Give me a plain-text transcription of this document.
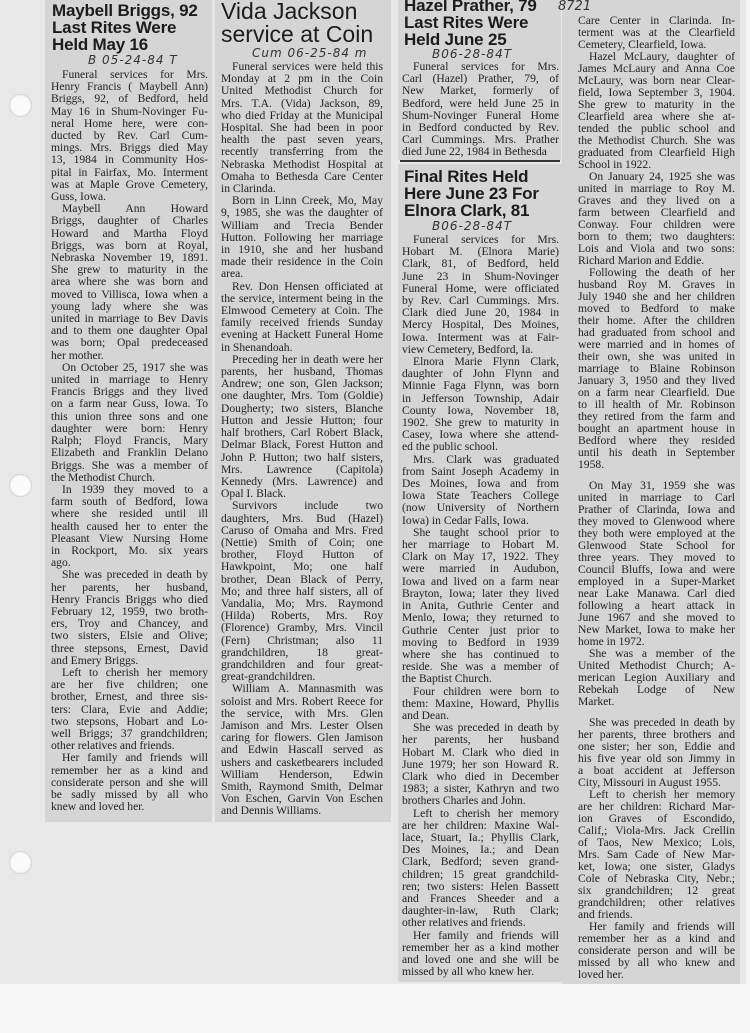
Maybell Briggs, 92
Last Rites Were
Held May 16
B 05-24-84 T
Funeral services for Mrs.
Henry Francis ( Maybell Ann)
Briggs, 92, of Bedford, held
May 16 in Shum-Novinger Fu-
neral Home here, were con-
ducted by Rev. Carl Cum-
mings. Mrs. Briggs died May
13, 1984 in Community Hos-
pital in Fairfax, Mo. Interment
was at Maple Grove Cemetery,
Guss, Iowa.
Maybell Ann Howard
Briggs, daughter of Charles
Howard and Martha Floyd
Briggs, was born at Royal,
Nebraska November 19, 1891.
She grew to maturity in the
area where she was born and
moved to Villisca, Iowa when a
young lady where she was
united in marriage to Bev Davis
and to them one daughter Opal
was born; Opal predeceased
her mother.
On October 25, 1917 she was
united in marriage to Henry
Francis Briggs and they lived
on a farm near Guss, Iowa. To
this union three sons and one
daughter were born: Henry
Ralph; Floyd Francis, Mary
Elizabeth and Franklin Delano
Briggs. She was a member of
the Methodist Church.
In 1939 they moved to a
farm south of Bedford, Iowa
where she resided until ill
health caused her to enter the
Pleasant View Nursing Home
in Rockport, Mo. six years
ago.
She was preceded in death by
her parents, her husband,
Henry Francis Briggs who died
February 12, 1959, two broth-
ers, Troy and Chancey, and
two sisters, Elsie and Olive;
three stepsons, Ernest, David
and Emery Briggs.
Left to cherish her memory
are her five children; one
brother, Ernest, and three sis-
ters: Clara, Evie and Addie;
two stepsons, Hobart and Lo-
well Briggs; 37 grandchildren;
other relatives and friends.
Her family and friends will
remember her as a kind and
considerate person and she will
be sadly missed by all who
knew and loved her.
Vida Jackson
service at Coin
Cum 06-25-84 m
Funeral services were held this
Monday at 2 pm in the Coin
United Methodist Church for
Mrs. T.A. (Vida) Jackson, 89,
who died Friday at the Municipal
Hospital. She had been in poor
health the past seven years,
recently transferring from the
Nebraska Methodist Hospital at
Omaha to Bethesda Care Center
in Clarinda.
Born in Linn Creek, Mo, May
9, 1985, she was the daughter of
William and Trecia Bender
Hutton. Following her marriage
in 1910, she and her husband
made their residence in the Coin
area.
Rev. Don Hensen officiated at
the service, interment being in the
Elmwood Cemetery at Coin. The
family received friends Sunday
evening at Hackett Funeral Home
in Shenandoah.
Preceding her in death were her
parents, her husband, Thomas
Andrew; one son, Glen Jackson;
one daughter, Mrs. Tom (Goldie)
Dougherty; two sisters, Blanche
Hutton and Jessie Hutton; four
half brothers, Carl Robert Black,
Delmar Black, Forest Hutton and
John P. Hutton; two half sisters,
Mrs. Lawrence (Capitola)
Kennedy (Mrs. Lawrence) and
Opal I. Black.
Survivors include two
daughters, Mrs. Bud (Hazel)
Caruso of Omaha and Mrs. Fred
(Nettie) Smith of Coin; one
brother, Floyd Hutton of
Hawkpoint, Mo; one half
brother, Dean Black of Perry,
Mo; and three half sisters, all of
Vandalia, Mo; Mrs. Raymond
(Hilda) Roberts, Mrs. Roy
(Florence) Gramby, Mrs. Vincil
(Fern) Christman; also 11
grandchildren, 18 great-
grandchildren and four great-
great-grandchildren.
William A. Mannasmith was
soloist and Mrs. Robert Reece for
the service, with Mrs. Glen
Jamison and Mrs. Lester Olsen
caring for flowers. Glen Jamison
and Edwin Hascall served as
ushers and casketbearers included
William Henderson, Edwin
Smith, Raymond Smith, Delmar
Von Eschen, Garvin Von Eschen
and Dennis Williams.
Hazel Prather, 79
Last Rites Were
Held June 25
8721
B06-28-84T
Funeral services for Mrs.
Carl (Hazel) Prather, 79, of
New Market, formerly of
Bedford, were held June 25 in
Shum-Novinger Funeral Home
in Bedford conducted by Rev.
Carl Cummings. Mrs. Prather
died June 22, 1984 in Bethesda
Final Rites Held
Here June 23 For
Elnora Clark, 81
B06-28-84T
Funeral services for Mrs.
Hobart M. (Elnora Marie)
Clark, 81, of Bedford, held
June 23 in Shum-Novinger
Funeral Home, were officiated
by Rev. Carl Cummings. Mrs.
Clark died June 20, 1984 in
Mercy Hospital, Des Moines,
Iowa. Interment was at Fair-
view Cemetery, Bedford, Ia.
Elnora Marie Flynn Clark,
daughter of John Flynn and
Minnie Faga Flynn, was born
in Jefferson Township, Adair
County Iowa, November 18,
1902. She grew to maturity in
Casey, Iowa where she attend-
ed the public school.
Mrs. Clark was graduated
from Saint Joseph Academy in
Des Moines, Iowa and from
Iowa State Teachers College
(now University of Northern
Iowa) in Cedar Falls, Iowa.
She taught school prior to
her marriage to Hobart M.
Clark on May 17, 1922. They
were married in Audubon,
Iowa and lived on a farm near
Brayton, Iowa; later they lived
in Anita, Guthrie Center and
Menlo, Iowa; they returned to
Guthrie Center just prior to
moving to Bedford in 1939
where she has continued to
reside. She was a member of
the Baptist Church.
Four children were born to
them: Maxine, Howard, Phyllis
and Dean.
She was preceded in death by
her parents, her husband
Hobart M. Clark who died in
June 1979; her son Howard R.
Clark who died in December
1983; a sister, Kathryn and two
brothers Charles and John.
Left to cherish her memory
are her children: Maxine Wal-
lace, Stuart, Ia.; Phyllis Clark,
Des Moines, Ia.; and Dean
Clark, Bedford; seven grand-
children; 15 great grandchild-
ren; two sisters: Helen Bassett
and Frances Sheeder and a
daughter-in-law, Ruth Clark;
other relatives and friends.
Her family and friends will
remember her as a kind mother
and loved one and she will be
missed by all who knew her.
Care Center in Clarinda. In-
terment was at the Clearfield
Cemetery, Clearfield, Iowa.
Hazel McLaury, daughter of
James McLaury and Anna Coe
McLaury, was born near Clear-
field, Iowa September 3, 1904.
She grew to maturity in the
Clearfield area where she at-
tended the public school and
the Methodist Church. She was
graduated from Clearfield High
School in 1922.
On January 24, 1925 she was
united in marriage to Roy M.
Graves and they lived on a
farm between Clearfield and
Conway. Four children were
born to them; two daughters:
Lois and Viola and two sons:
Richard Marion and Eddie.
Following the death of her
husband Roy M. Graves in
July 1940 she and her children
moved to Bedford to make
their home. After the children
had graduated from school and
were married and in homes of
their own, she was united in
marriage to Blaine Robinson
January 3, 1950 and they lived
on a farm near Clearfield. Due
to ill health of Mr. Robinson
they retired from the farm and
bought an apartment house in
Bedford where they resided
until his death in September
1958.
On May 31, 1959 she was
united in marriage to Carl
Prather of Clarinda, Iowa and
they moved to Glenwood where
they both were employed at the
Glenwood State School for
three years. They moved to
Council Bluffs, Iowa and were
employed in a Super-Market
near Lake Manawa. Carl died
following a heart attack in
June 1967 and she moved to
New Market, Iowa to make her
home in 1972.
She was a member of the
United Methodist Church; A-
merican Legion Auxiliary and
Rebekah Lodge of New
Market.
She was preceded in death by
her parents, three brothers and
one sister; her son, Eddie and
his five year old son Jimmy in
a boat accident at Jefferson
City, Missouri in August 1955.
Left to cherish her memory
are her children: Richard Mar-
ion Graves of Escondido,
Calif,; Viola-Mrs. Jack Crellin
of Taos, New Mexico; Lois,
Mrs. Sam Cade of New Mar-
ket, Iowa; one sister, Gladys
Cole of Nebraska City, Nebr.;
six grandchildren; 12 great
grandchildren; other relatives
and friends.
Her family and friends will
remember her as a kind and
considerate person and will be
missed by all who knew and
loved her.
